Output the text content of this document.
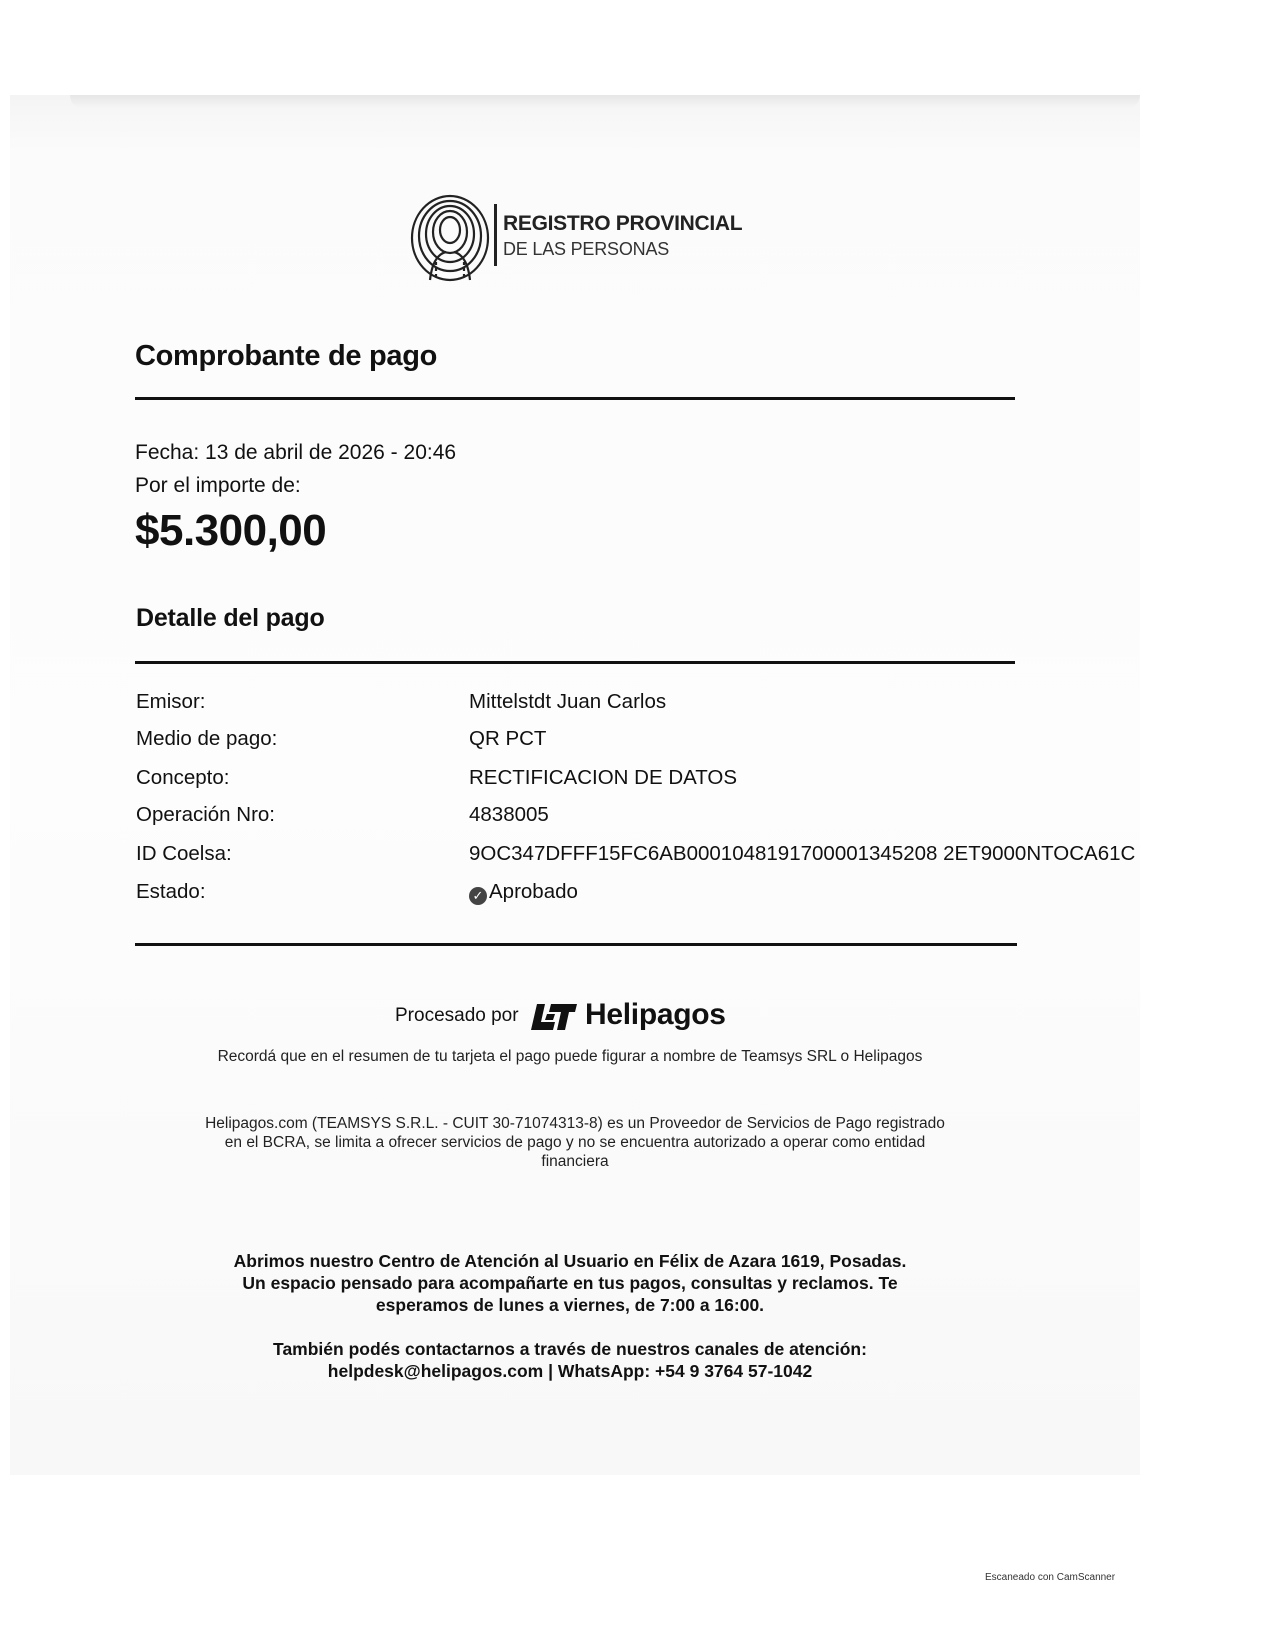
REGISTRO PROVINCIAL
DE LAS PERSONAS
Comprobante de pago
Fecha: 13 de abril de 2026 - 20:46
Por el importe de:
$5.300,00
Detalle del pago
Emisor:	Mittelstdt Juan Carlos
Medio de pago:	QR PCT
Concepto:	RECTIFICACION DE DATOS
Operación Nro:	4838005
ID Coelsa:	9OC347DFFF15FC6AB0001048191700001345208 2ET9000NTOCA61C
Estado:	✓ Aprobado
Procesado por Helipagos
Recordá que en el resumen de tu tarjeta el pago puede figurar a nombre de Teamsys SRL o Helipagos
Helipagos.com (TEAMSYS S.R.L. - CUIT 30-71074313-8) es un Proveedor de Servicios de Pago registrado en el BCRA, se limita a ofrecer servicios de pago y no se encuentra autorizado a operar como entidad financiera
Abrimos nuestro Centro de Atención al Usuario en Félix de Azara 1619, Posadas. Un espacio pensado para acompañarte en tus pagos, consultas y reclamos. Te esperamos de lunes a viernes, de 7:00 a 16:00.
También podés contactarnos a través de nuestros canales de atención: helpdesk@helipagos.com | WhatsApp: +54 9 3764 57-1042
Escaneado con CamScanner
